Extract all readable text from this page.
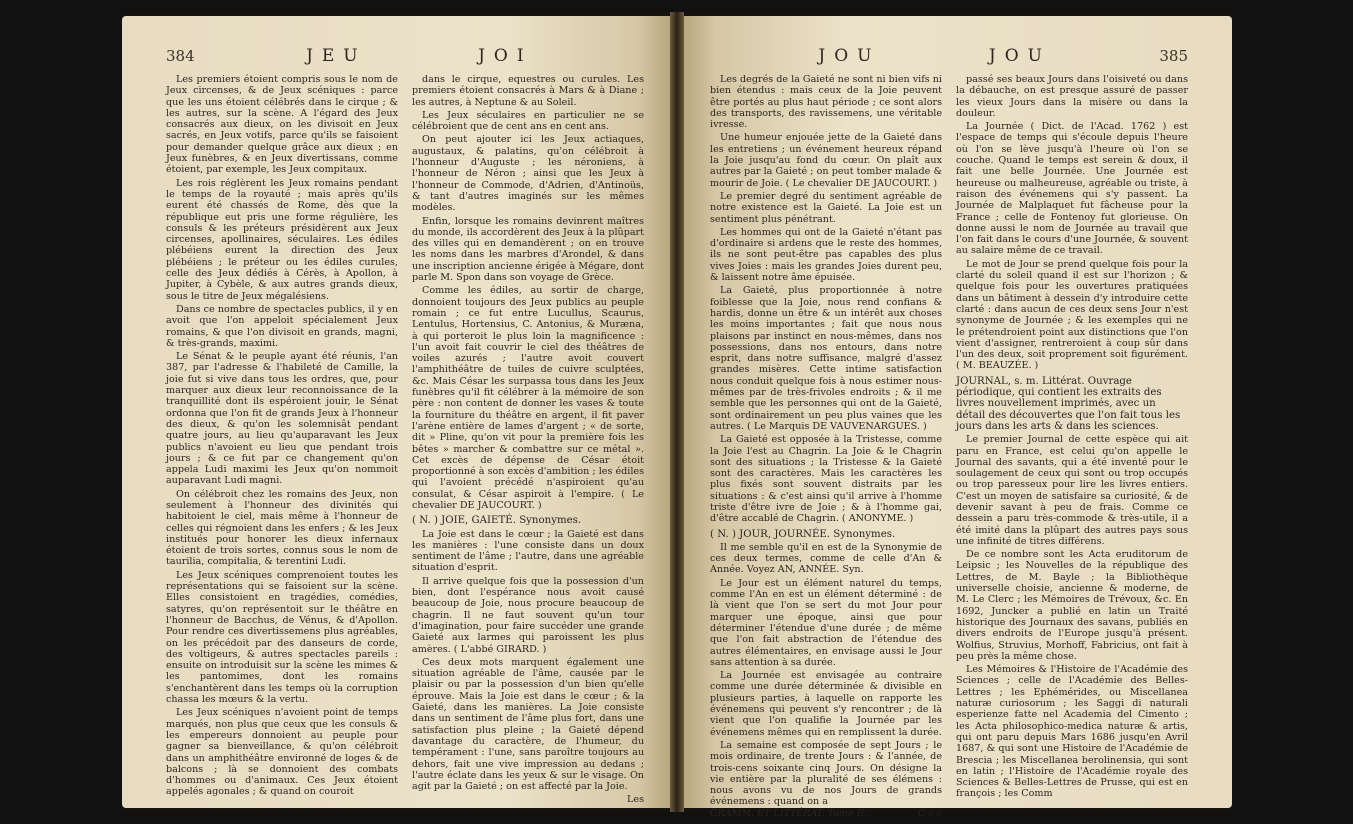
384	JEU	JOI

Les premiers étoient compris sous le nom de Jeux circenses, & de Jeux scéniques : parce que les uns étoient célébrés dans le cirque ; & les autres, sur la scène. A l'égard des Jeux consacrés aux dieux, on les divisoit en Jeux sacrés, en Jeux votifs, parce qu'ils se faisoient pour demander quelque grâce aux dieux ; en Jeux funèbres, & en Jeux divertissans, comme étoient, par exemple, les Jeux compitaux.

Les rois réglèrent les Jeux romains pendant le temps de la royauté ; mais après qu'ils eurent été chassés de Rome, dès que la république eut pris une forme régulière, les consuls & les préteurs présidèrent aux Jeux circenses, apollinaires, séculaires. Les édiles plébéiens eurent la direction des Jeux plébéiens ; le préteur ou les édiles curules, celle des Jeux dédiés à Cérès, à Apollon, à Jupiter, à Cybèle, & aux autres grands dieux, sous le titre de Jeux mégalésiens.

Dans ce nombre de spectacles publics, il y en avoit que l'on appeloit spécialement Jeux romains, & que l'on divisoit en grands, magni, & très-grands, maximi.

Le Sénat & le peuple ayant été réunis, l'an 387, par l'adresse & l'habileté de Camille, la joie fut si vive dans tous les ordres, que, pour marquer aux dieux leur reconnoissance de la tranquillité dont ils espéroient jouir, le Sénat ordonna que l'on fit de grands Jeux à l'honneur des dieux, & qu'on les solemnisât pendant quatre jours, au lieu qu'auparavant les Jeux publics n'avoient eu lieu que pendant trois jours ; & ce fut par ce changement qu'on appela Ludi maximi les Jeux qu'on nommoit auparavant Ludi magni.

On célébroit chez les romains des Jeux, non seulement à l'honneur des divinités qui habitoient le ciel, mais même à l'honneur de celles qui régnoient dans les enfers ; & les Jeux institués pour honorer les dieux infernaux étoient de trois sortes, connus sous le nom de taurilia, compitalia, & terentini Ludi.

Les Jeux scéniques comprenoient toutes les représentations qui se faisoient sur la scène. Elles consistoient en tragédies, comédies, satyres, qu'on représentoit sur le théâtre en l'honneur de Bacchus, de Vénus, & d'Apollon. Pour rendre ces divertissemens plus agréables, on les précédoit par des danseurs de corde, des voltigeurs, & autres spectacles pareils : ensuite on introduisit sur la scène les mimes & les pantomimes, dont les romains s'enchantèrent dans les temps où la corruption chassa les mœurs & la vertu.

Les Jeux scéniques n'avoient point de temps marqués, non plus que ceux que les consuls & les empereurs donnoient au peuple pour gagner sa bienveillance, & qu'on célébroit dans un amphithéâtre environné de loges & de balcons ; là se donnoient des combats d'hommes ou d'animaux. Ces Jeux étoient appelés agonales ; & quand on couroit

dans le cirque, equestres ou curules. Les premiers étoient consacrés à Mars & à Diane ; les autres, à Neptune & au Soleil.

Les Jeux séculaires en particulier ne se célébroient que de cent ans en cent ans.

On peut ajouter ici les Jeux actiaques, augustaux, & palatins, qu'on célébroit à l'honneur d'Auguste ; les néroniens, à l'honneur de Néron ; ainsi que les Jeux à l'honneur de Commode, d'Adrien, d'Antinoüs, & tant d'autres imaginés sur les mêmes modèles.

Enfin, lorsque les romains devinrent maîtres du monde, ils accordèrent des Jeux à la plûpart des villes qui en demandèrent ; on en trouve les noms dans les marbres d'Arondel, & dans une inscription ancienne érigée à Mégare, dont parle M. Spon dans son voyage de Grèce.

Comme les édiles, au sortir de charge, donnoient toujours des Jeux publics au peuple romain ; ce fut entre Lucullus, Scaurus, Lentulus, Hortensius, C. Antonius, & Muræna, à qui porteroit le plus loin la magnificence : l'un avoit fait couvrir le ciel des théâtres de voiles azurés ; l'autre avoit couvert l'amphithéâtre de tuiles de cuivre sculptées, &c. Mais César les surpassa tous dans les Jeux funèbres qu'il fit célébrer à la mémoire de son père : non content de donner les vases & toute la fourniture du théâtre en argent, il fit paver l'arène entière de lames d'argent ; « de sorte, dit » Pline, qu'on vit pour la première fois les bêtes » marcher & combattre sur ce métal ». Cet excès de dépense de César étoit proportionné à son excès d'ambition ; les édiles qui l'avoient précédé n'aspiroient qu'au consulat, & César aspiroit à l'empire. ( Le chevalier DE JAUCOURT. )

( N. ) JOIE, GAIETÉ. Synonymes.

La Joie est dans le cœur ; la Gaieté est dans les manières : l'une consiste dans un doux sentiment de l'âme ; l'autre, dans une agréable situation d'esprit.

Il arrive quelque fois que la possession d'un bien, dont l'espérance nous avoit causé beaucoup de Joie, nous procure beaucoup de chagrin. Il ne faut souvent qu'un tour d'imagination, pour faire succéder une grande Gaieté aux larmes qui paroissent les plus amères. ( L'abbé GIRARD. )

Ces deux mots marquent également une situation agréable de l'âme, causée par le plaisir ou par la possession d'un bien qu'elle éprouve. Mais la Joie est dans le cœur ; & la Gaieté, dans les manières. La Joie consiste dans un sentiment de l'âme plus fort, dans une satisfaction plus pleine ; la Gaieté dépend davantage du caractère, de l'humeur, du tempérament : l'une, sans paroître toujours au dehors, fait une vive impression au dedans ; l'autre éclate dans les yeux & sur le visage. On agit par la Gaieté ; on est affecté par la Joie.

Les

JOU	JOU	385

Les degrés de la Gaieté ne sont ni bien vifs ni bien étendus : mais ceux de la Joie peuvent être portés au plus haut période ; ce sont alors des transports, des ravissemens, une véritable ivresse.

Une humeur enjouée jette de la Gaieté dans les entretiens ; un événement heureux répand la Joie jusqu'au fond du cœur. On plaît aux autres par la Gaieté ; on peut tomber malade & mourir de Joie. ( Le chevalier DE JAUCOURT. )

Le premier degré du sentiment agréable de notre existence est la Gaieté. La Joie est un sentiment plus pénétrant.

Les hommes qui ont de la Gaieté n'étant pas d'ordinaire si ardens que le reste des hommes, ils ne sont peut-être pas capables des plus vives Joies : mais les grandes Joies durent peu, & laissent notre âme épuisée.

La Gaieté, plus proportionnée à notre foiblesse que la Joie, nous rend confians & hardis, donne un être & un intérêt aux choses les moins importantes ; fait que nous nous plaisons par instinct en nous-mêmes, dans nos possessions, dans nos entours, dans notre esprit, dans notre suffisance, malgré d'assez grandes misères. Cette intime satisfaction nous conduit quelque fois à nous estimer nous-mêmes par de très-frivoles endroits ; & il me semble que les personnes qui ont de la Gaieté, sont ordinairement un peu plus vaines que les autres. ( Le Marquis DE VAUVENARGUES. )

La Gaieté est opposée à la Tristesse, comme la Joie l'est au Chagrin. La Joie & le Chagrin sont des situations ; la Tristesse & la Gaieté sont des caractères. Mais les caractères les plus fixés sont souvent distraits par les situations : & c'est ainsi qu'il arrive à l'homme triste d'être ivre de Joie ; & à l'homme gai, d'être accablé de Chagrin. ( ANONYME. )

( N. ) JOUR, JOURNÉE. Synonymes.

Il me semble qu'il en est de la Synonymie de ces deux termes, comme de celle d'An & Année. Voyez AN, ANNÉE. Syn.

Le Jour est un élément naturel du temps, comme l'An en est un élément déterminé : de là vient que l'on se sert du mot Jour pour marquer une époque, ainsi que pour déterminer l'étendue d'une durée ; de même que l'on fait abstraction de l'étendue des autres élémentaires, en envisage aussi le Jour sans attention à sa durée.

La Journée est envisagée au contraire comme une durée déterminée & divisible en plusieurs parties, à laquelle on rapporte les événemens qui peuvent s'y rencontrer ; de là vient que l'on qualifie la Journée par les événemens mêmes qui en remplissent la durée.

La semaine est composée de sept Jours ; le mois ordinaire, de trente Jours : & l'année, de trois-cens soixante cinq Jours. On désigne la vie entière par la pluralité de ses élémens : nous avons vu de nos Jours de grands événemens : quand on a

GRAMM. ET LITTÉRAT. Tome II.	C c c

passé ses beaux Jours dans l'oisiveté ou dans la débauche, on est presque assuré de passer les vieux Jours dans la misère ou dans la douleur.

La Journée ( Dict. de l'Acad. 1762 ) est l'espace de temps qui s'écoule depuis l'heure où l'on se lève jusqu'à l'heure où l'on se couche. Quand le temps est serein & doux, il fait une belle Journée. Une Journée est heureuse ou malheureuse, agréable ou triste, à raison des événemens qui s'y passent. La Journée de Malplaquet fut fâcheuse pour la France ; celle de Fontenoy fut glorieuse. On donne aussi le nom de Journée au travail que l'on fait dans le cours d'une Journée, & souvent au salaire même de ce travail.

Le mot de Jour se prend quelque fois pour la clarté du soleil quand il est sur l'horizon ; & quelque fois pour les ouvertures pratiquées dans un bâtiment à dessein d'y introduire cette clarté : dans aucun de ces deux sens Jour n'est synonyme de Journée ; & les exemples qui ne le prétendroient point aux distinctions que l'on vient d'assigner, rentreroient à coup sûr dans l'un des deux, soit proprement soit figurément. ( M. BEAUZÉE. )

JOURNAL, s. m. Littérat. Ouvrage périodique, qui contient les extraits des livres nouvellement imprimés, avec un détail des découvertes que l'on fait tous les jours dans les arts & dans les sciences.

Le premier Journal de cette espèce qui ait paru en France, est celui qu'on appelle le Journal des savants, qui a été inventé pour le soulagement de ceux qui sont ou trop occupés ou trop paresseux pour lire les livres entiers. C'est un moyen de satisfaire sa curiosité, & de devenir savant à peu de frais. Comme ce dessein a paru très-commode & très-utile, il a été imité dans la plûpart des autres pays sous une infinité de titres différens.

De ce nombre sont les Acta eruditorum de Leipsic ; les Nouvelles de la république des Lettres, de M. Bayle ; la Bibliothèque universelle choisie, ancienne & moderne, de M. Le Clerc ; les Mémoires de Trévoux, &c. En 1692, Juncker a publié en latin un Traité historique des Journaux des savans, publiés en divers endroits de l'Europe jusqu'à présent. Wolfius, Struvius, Morhoff, Fabricius, ont fait à peu près la même chose.

Les Mémoires & l'Histoire de l'Académie des Sciences ; celle de l'Académie des Belles-Lettres ; les Ephémérides, ou Miscellanea naturæ curiosorum ; les Saggi di naturali esperienze fatte nel Academia del Cimento ; les Acta philosophico-medica naturæ & artis, qui ont paru depuis Mars 1686 jusqu'en Avril 1687, & qui sont une Histoire de l'Académie de Brescia ; les Miscellanea berolinensia, qui sont en latin ; l'Histoire de l'Académie royale des Sciences & Belles-Lettres de Prusse, qui est en françois ; les Comm
